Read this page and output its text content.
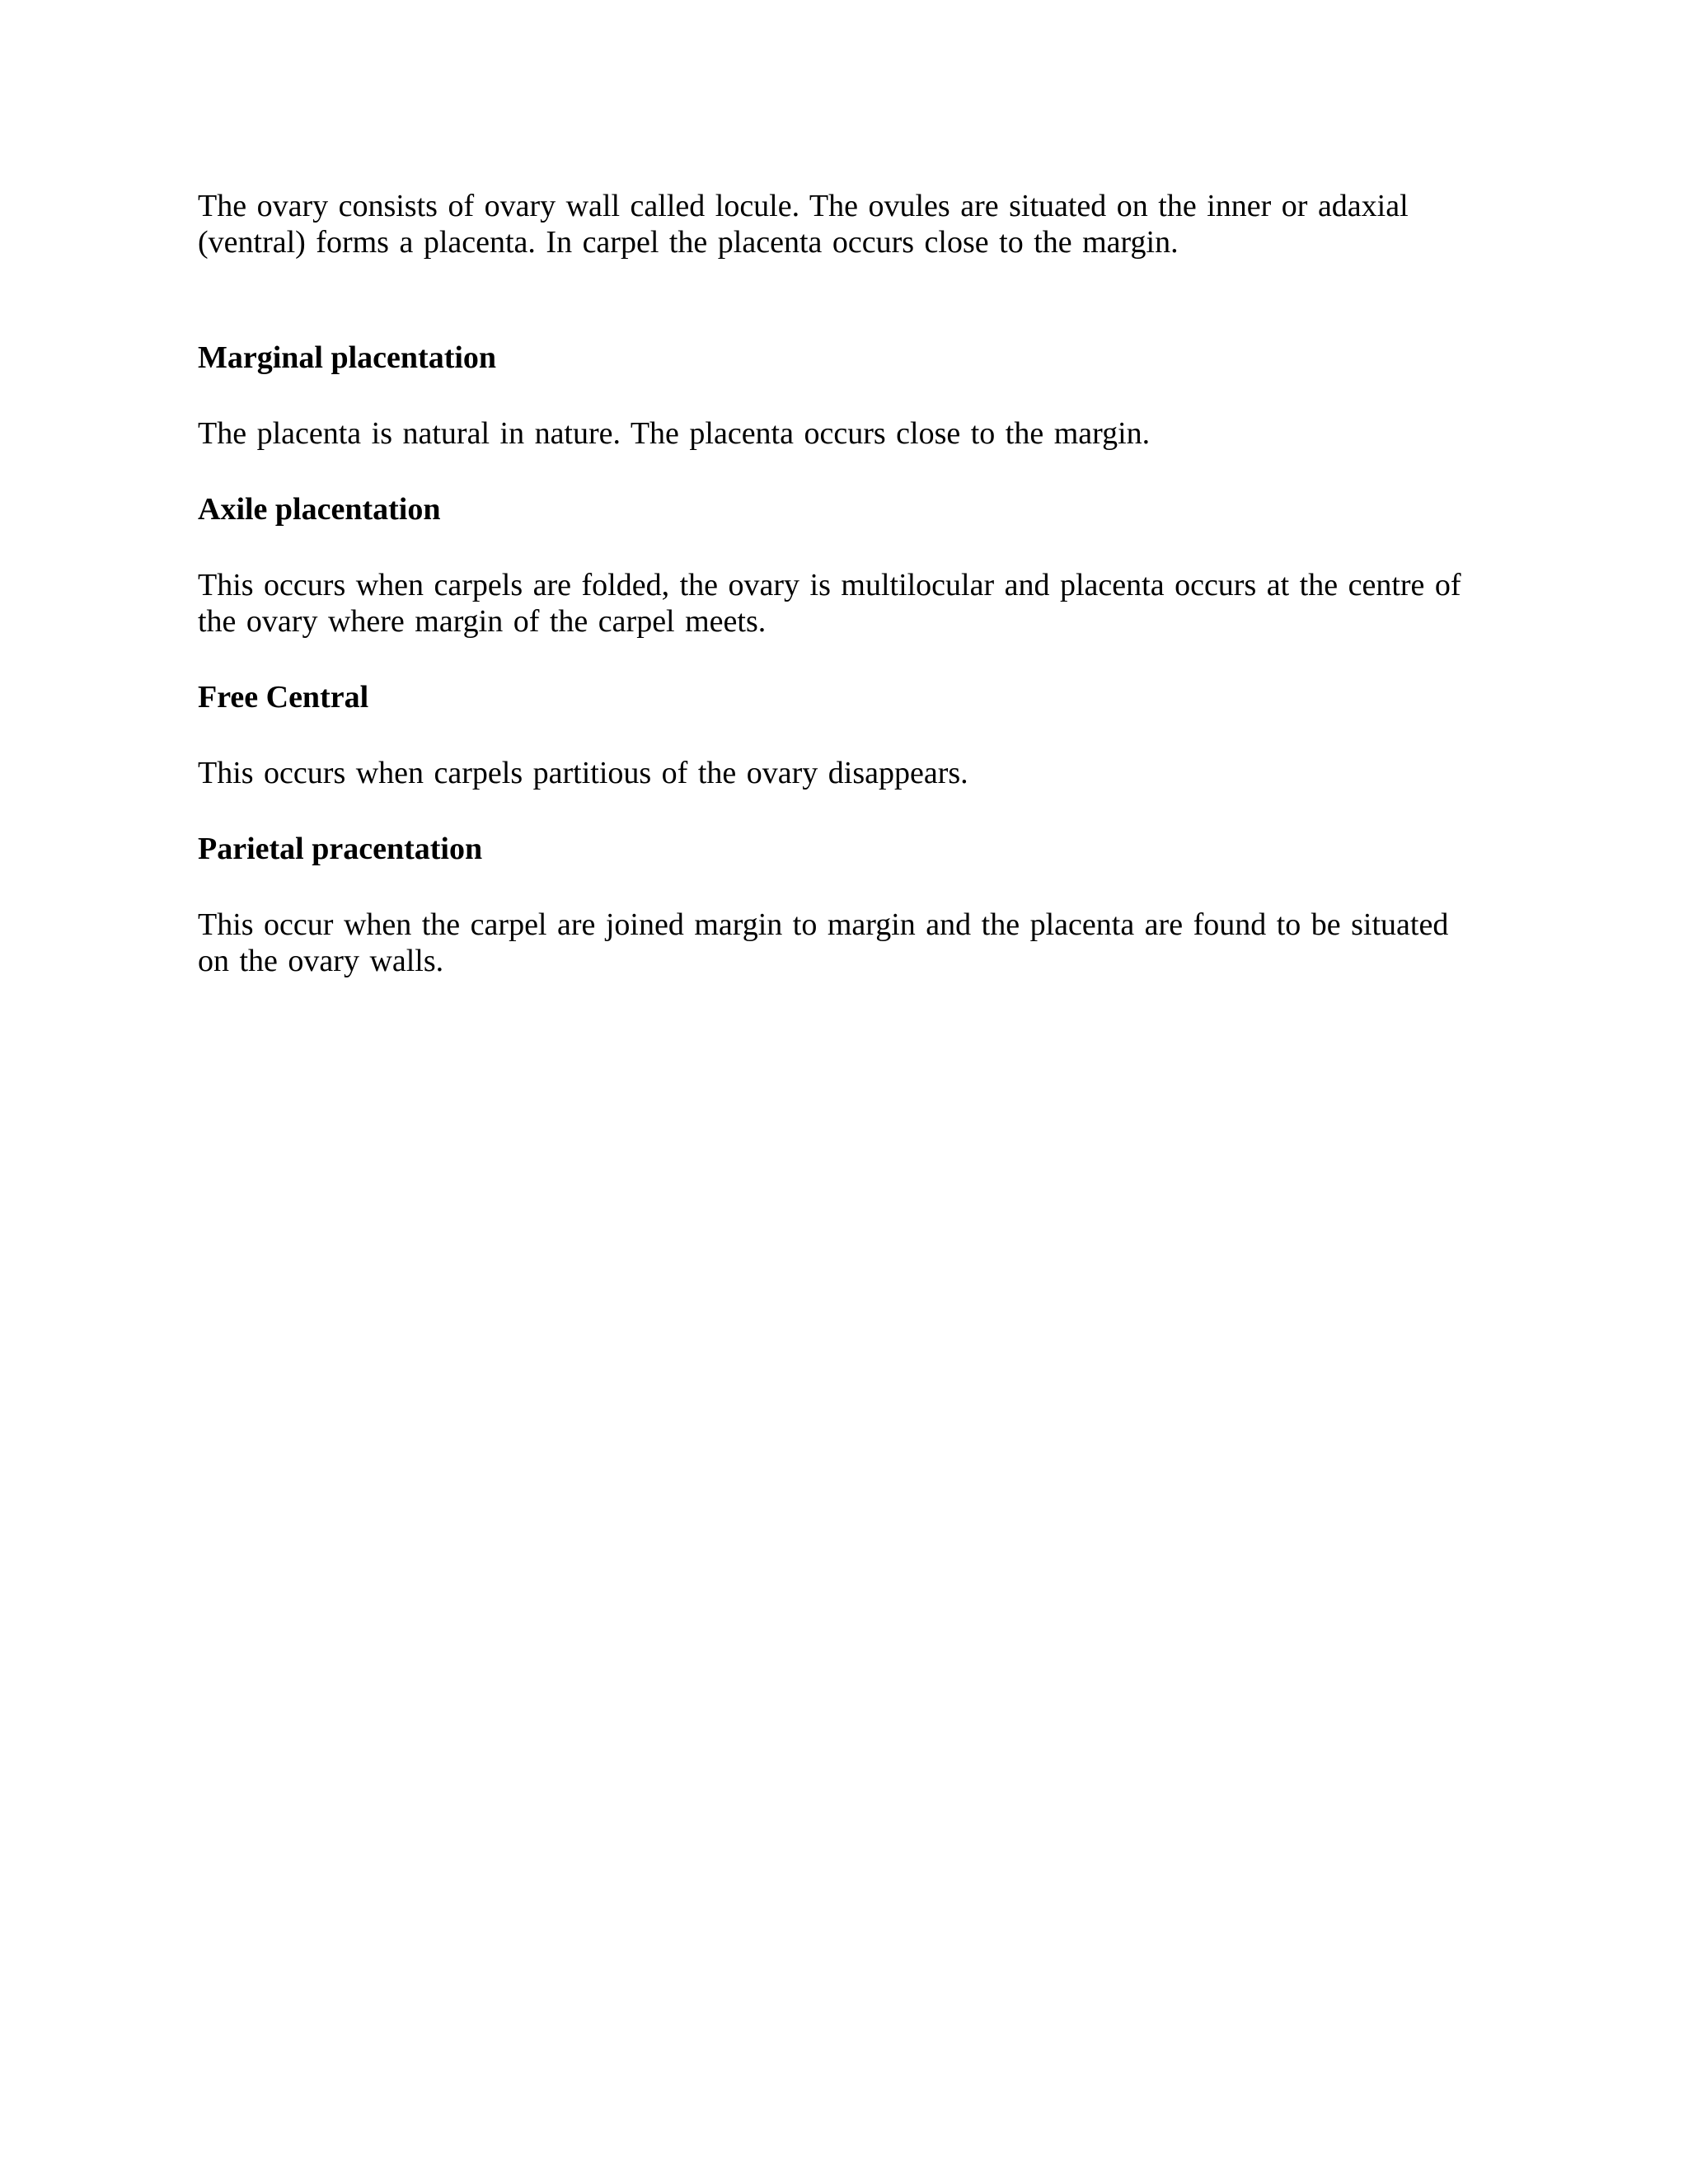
The ovary consists of ovary wall called locule. The ovules are situated on the inner or adaxial (ventral) forms a placenta. In carpel the placenta occurs close to the margin.

Marginal placentation

The placenta is natural in nature. The placenta occurs close to the margin.

Axile placentation

This occurs when carpels are folded, the ovary is multilocular and placenta occurs at the centre of the ovary where margin of the carpel meets.

Free Central

This occurs when carpels partitious of the ovary disappears.

Parietal pracentation

This occur when the carpel are joined margin to margin and the placenta are found to be situated on the ovary walls.
